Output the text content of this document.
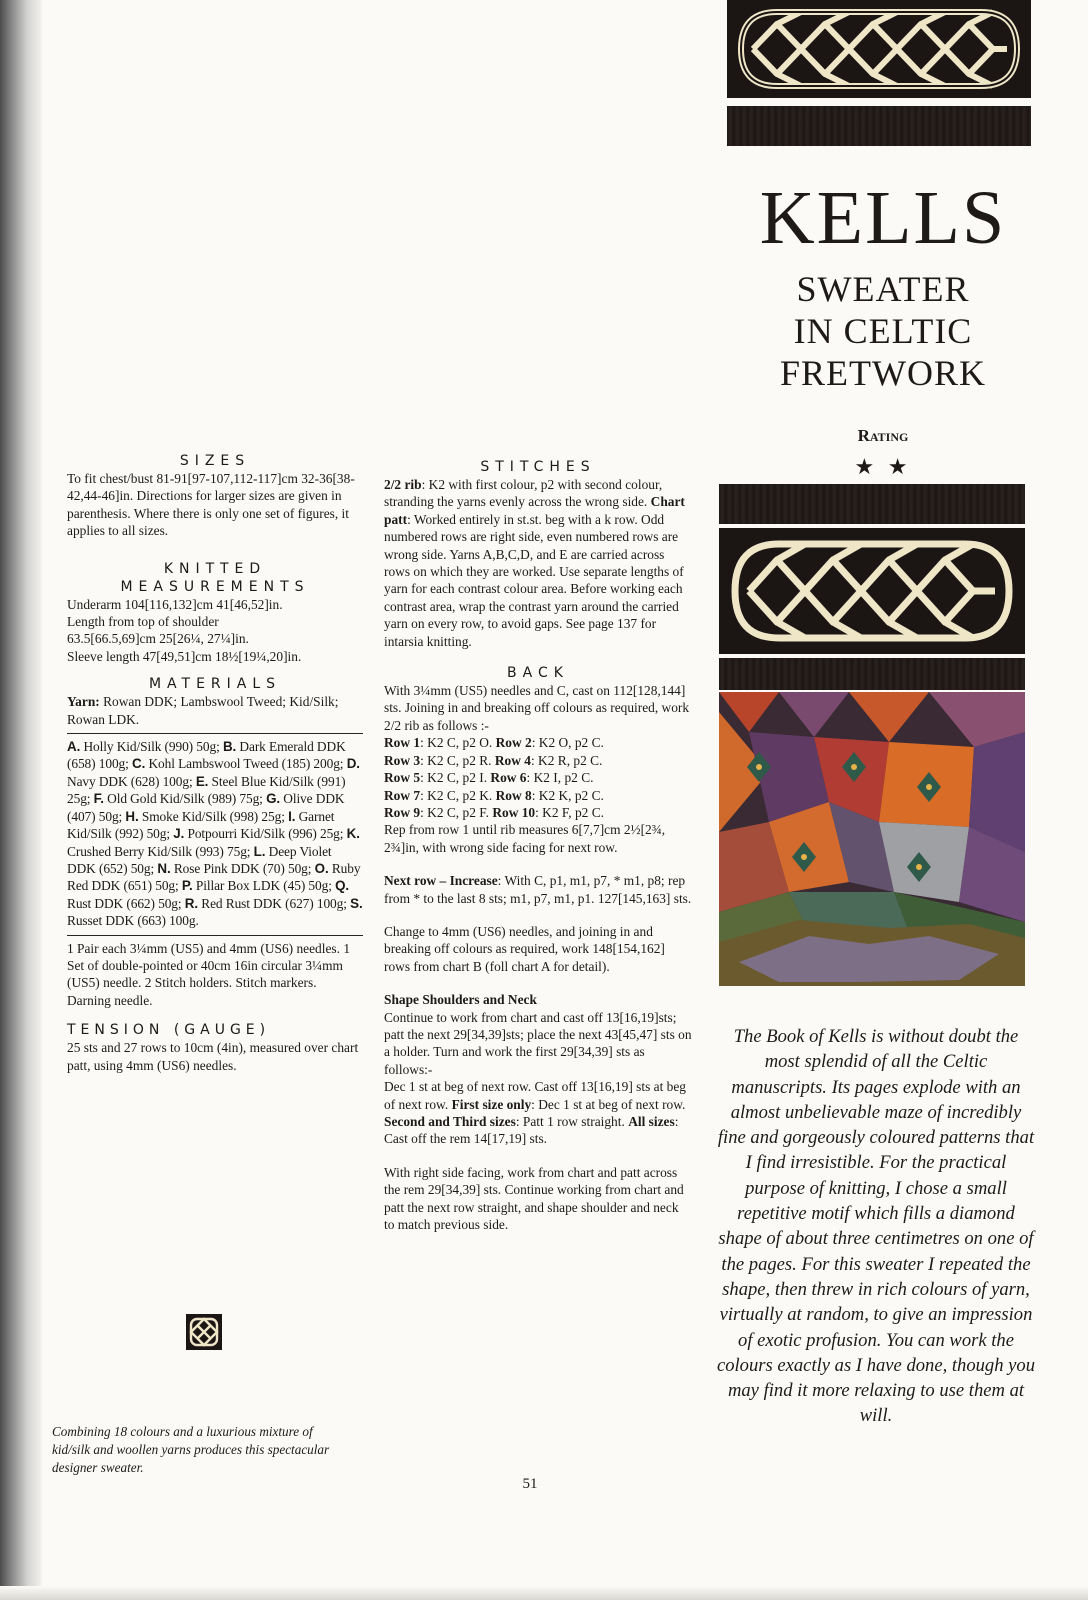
KELLS
SWEATER
IN CELTIC
FRETWORK
Rating
★ ★

SIZES

To fit chest/bust 81-91[97-107,112-117]cm 32-36[38-42,44-46]in. Directions for larger sizes are given in parenthesis. Where there is only one set of figures, it applies to all sizes.

KNITTED

MEASUREMENTS

Underarm 104[116,132]cm 41[46,52]in.

Length from top of shoulder

63.5[66.5,69]cm 25[26¼, 27¼]in.

Sleeve length 47[49,51]cm 18½[19¼,20]in.

MATERIALS

Yarn: Rowan DDK; Lambswool Tweed; Kid/Silk; Rowan LDK.

A. Holly Kid/Silk (990) 50g; B. Dark Emerald DDK (658) 100g; C. Kohl Lambswool Tweed (185) 200g; D. Navy DDK (628) 100g; E. Steel Blue Kid/Silk (991) 25g; F. Old Gold Kid/Silk (989) 75g; G. Olive DDK (407) 50g; H. Smoke Kid/Silk (998) 25g; I. Garnet Kid/Silk (992) 50g; J. Potpourri Kid/Silk (996) 25g; K. Crushed Berry Kid/Silk (993) 75g; L. Deep Violet DDK (652) 50g; N. Rose Pink DDK (70) 50g; O. Ruby Red DDK (651) 50g; P. Pillar Box LDK (45) 50g; Q. Rust DDK (662) 50g; R. Red Rust DDK (627) 100g; S. Russet DDK (663) 100g.

1 Pair each 3¼mm (US5) and 4mm (US6) needles. 1 Set of double-pointed or 40cm 16in circular 3¼mm (US5) needle. 2 Stitch holders. Stitch markers. Darning needle.

TENSION (GAUGE)

25 sts and 27 rows to 10cm (4in), measured over chart patt, using 4mm (US6) needles.

Combining 18 colours and a luxurious mixture of kid/silk and woollen yarns produces this spectacular designer sweater.

STITCHES

2/2 rib: K2 with first colour, p2 with second colour, stranding the yarns evenly across the wrong side. Chart patt: Worked entirely in st.st. beg with a k row. Odd numbered rows are right side, even numbered rows are wrong side. Yarns A,B,C,D, and E are carried across rows on which they are worked. Use separate lengths of yarn for each contrast colour area. Before working each contrast area, wrap the contrast yarn around the carried yarn on every row, to avoid gaps. See page 137 for intarsia knitting.

BACK

With 3¼mm (US5) needles and C, cast on 112[128,144] sts. Joining in and breaking off colours as required, work 2/2 rib as follows :-

Row 1: K2 C, p2 O. Row 2: K2 O, p2 C.

Row 3: K2 C, p2 R. Row 4: K2 R, p2 C.

Row 5: K2 C, p2 I. Row 6: K2 I, p2 C.

Row 7: K2 C, p2 K. Row 8: K2 K, p2 C.

Row 9: K2 C, p2 F. Row 10: K2 F, p2 C.

Rep from row 1 until rib measures 6[7,7]cm 2½[2¾, 2¾]in, with wrong side facing for next row.

Next row – Increase: With C, p1, m1, p7, * m1, p8; rep from * to the last 8 sts; m1, p7, m1, p1. 127[145,163] sts.

Change to 4mm (US6) needles, and joining in and breaking off colours as required, work 148[154,162] rows from chart B (foll chart A for detail).

Shape Shoulders and Neck

Continue to work from chart and cast off 13[16,19]sts; patt the next 29[34,39]sts; place the next 43[45,47] sts on a holder. Turn and work the first 29[34,39] sts as follows:-

Dec 1 st at beg of next row. Cast off 13[16,19] sts at beg of next row. First size only: Dec 1 st at beg of next row. Second and Third sizes: Patt 1 row straight. All sizes: Cast off the rem 14[17,19] sts.

With right side facing, work from chart and patt across the rem 29[34,39] sts. Continue working from chart and patt the next row straight, and shape shoulder and neck to match previous side.

51
The Book of Kells is without doubt the most splendid of all the Celtic manuscripts. Its pages explode with an almost unbelievable maze of incredibly fine and gorgeously coloured patterns that I find irresistible. For the practical purpose of knitting, I chose a small repetitive motif which fills a diamond shape of about three centimetres on one of the pages. For this sweater I repeated the shape, then threw in rich colours of yarn, virtually at random, to give an impression of exotic profusion. You can work the colours exactly as I have done, though you may find it more relaxing to use them at will.
